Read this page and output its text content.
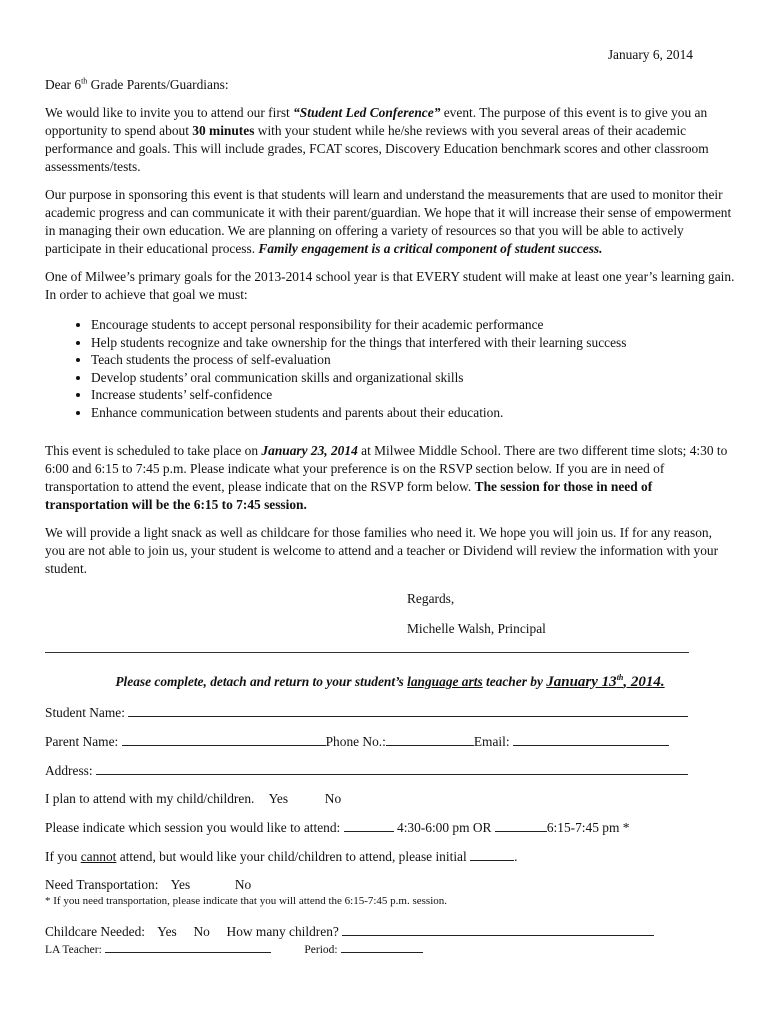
January 6, 2014

Dear 6th Grade Parents/Guardians:

We would like to invite you to attend our first “Student Led Conference” event. The purpose of this event is to give you an opportunity to spend about 30 minutes with your student while he/she reviews with you several areas of their academic performance and goals. This will include grades, FCAT scores, Discovery Education benchmark scores and other classroom assessments/tests.

Our purpose in sponsoring this event is that students will learn and understand the measurements that are used to monitor their academic progress and can communicate it with their parent/guardian. We hope that it will increase their sense of empowerment in managing their own education. We are planning on offering a variety of resources so that you will be able to actively participate in their educational process. Family engagement is a critical component of student success.

One of Milwee’s primary goals for the 2013-2014 school year is that EVERY student will make at least one year’s learning gain. In order to achieve that goal we must:

• Encourage students to accept personal responsibility for their academic performance
• Help students recognize and take ownership for the things that interfered with their learning success
• Teach students the process of self-evaluation
• Develop students’ oral communication skills and organizational skills
• Increase students’ self-confidence
• Enhance communication between students and parents about their education.

This event is scheduled to take place on January 23, 2014 at Milwee Middle School. There are two different time slots; 4:30 to 6:00 and 6:15 to 7:45 p.m. Please indicate what your preference is on the RSVP section below. If you are in need of transportation to attend the event, please indicate that on the RSVP form below. The session for those in need of transportation will be the 6:15 to 7:45 session.

We will provide a light snack as well as childcare for those families who need it. We hope you will join us. If for any reason, you are not able to join us, your student is welcome to attend and a teacher or Dividend will review the information with your student.

Regards,

Michelle Walsh, Principal

Please complete, detach and return to your student’s language arts teacher by January 13th, 2014.

Student Name:
Parent Name:	Phone No.:	Email:
Address:
I plan to attend with my child/children. Yes	No
Please indicate which session you would like to attend:	4:30-6:00 pm OR	6:15-7:45 pm *
If you cannot attend, but would like your child/children to attend, please initial	.
Need Transportation: Yes	No

* If you need transportation, please indicate that you will attend the 6:15-7:45 p.m. session.

Childcare Needed: Yes No How many children?
LA Teacher:	Period:
